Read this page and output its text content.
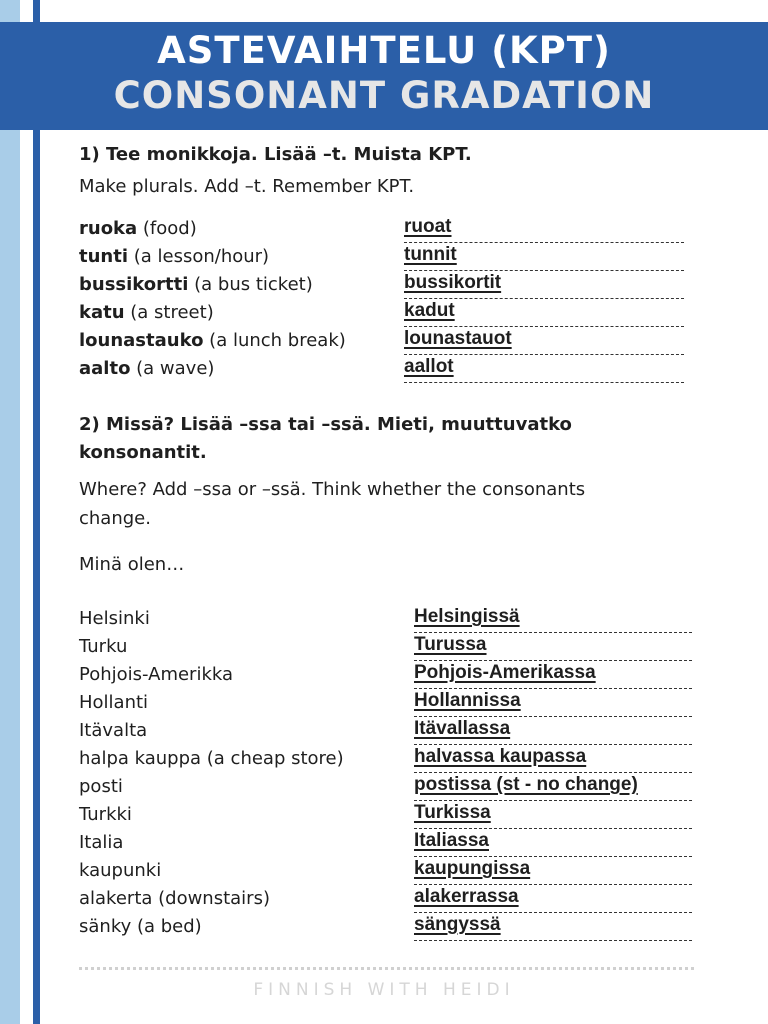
ASTEVAIHTELU (KPT)
CONSONANT GRADATION
1) Tee monikkoja. Lisää –t. Muista KPT.
Make plurals. Add –t. Remember KPT.
ruoka (food)	ruoat
tunti (a lesson/hour)	tunnit
bussikortti (a bus ticket)	bussikortit
katu (a street)	kadut
lounastauko (a lunch break)	lounastauot
aalto (a wave)	aallot
2) Missä? Lisää –ssa tai –ssä. Mieti, muuttuvatko
konsonantit.
Where? Add –ssa or –ssä. Think whether the consonants
change.
Minä olen…
Helsinki	Helsingissä
Turku	Turussa
Pohjois-Amerikka	Pohjois-Amerikassa
Hollanti	Hollannissa
Itävalta	Itävallassa
halpa kauppa (a cheap store)	halvassa kaupassa
posti	postissa (st - no change)
Turkki	Turkissa
Italia	Italiassa
kaupunki	kaupungissa
alakerta (downstairs)	alakerrassa
sänky (a bed)	sängyssä
FINNISH WITH HEIDI
